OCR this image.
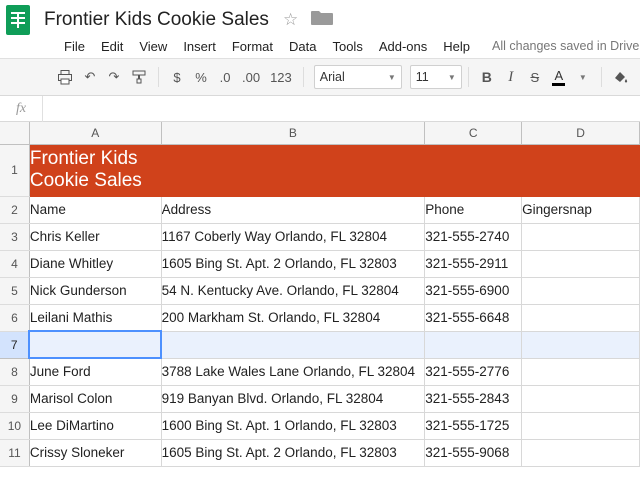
Frontier Kids Cookie Sales ☆
File	Edit	View	Insert	Format	Data	Tools	Add-ons	Help	All changes saved in Drive
↶	↷	$	% .0 .00 123	Arial	▼ 11 ▼	B	I	S	A	▼
fx
	A	B	C	D
1	Frontier Kids
Cookie Sales			
2	Name	Address	Phone	Gingersnap
3	Chris Keller	1167 Coberly Way Orlando, FL 32804	321-555-2740	
4	Diane Whitley	1605 Bing St. Apt. 2 Orlando, FL 32803	321-555-2911	
5	Nick Gunderson	54 N. Kentucky Ave. Orlando, FL 32804	321-555-6900	
6	Leilani Mathis	200 Markham St. Orlando, FL 32804	321-555-6648	
7				
8	June Ford	3788 Lake Wales Lane Orlando, FL 32804	321-555-2776	
9	Marisol Colon	919 Banyan Blvd. Orlando, FL 32804	321-555-2843	
10	Lee DiMartino	1600 Bing St. Apt. 1 Orlando, FL 32803	321-555-1725	
11	Crissy Sloneker	1605 Bing St. Apt. 2 Orlando, FL 32803	321-555-9068	
